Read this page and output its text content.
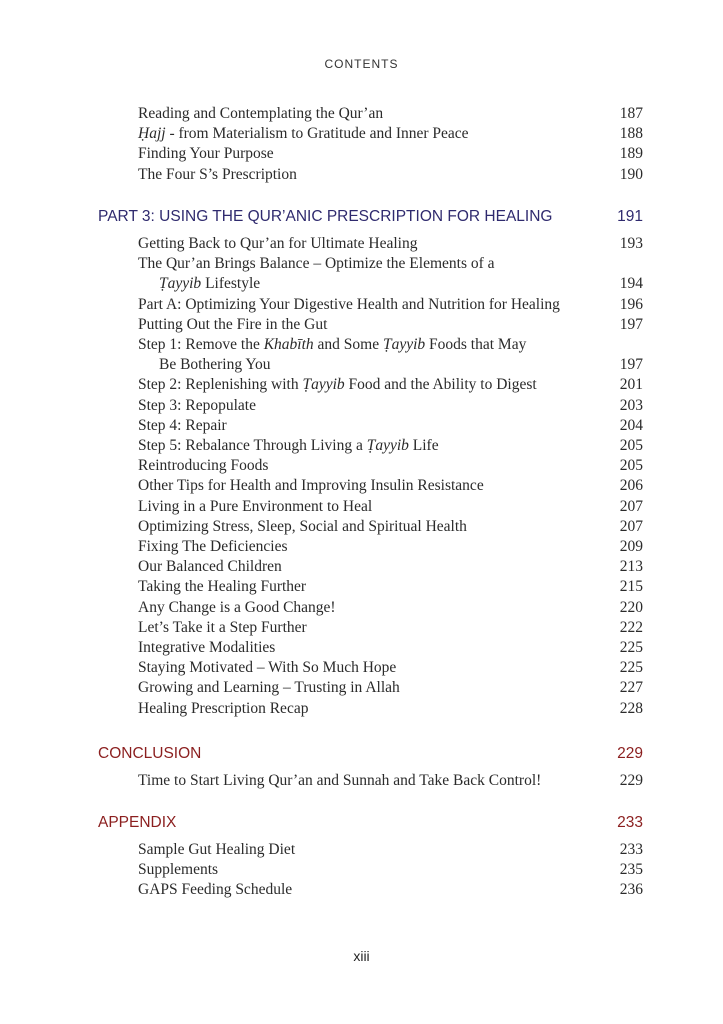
CONTENTS
Reading and Contemplating the Qur’an	187
Ḥajj - from Materialism to Gratitude and Inner Peace	188
Finding Your Purpose	189
The Four S’s Prescription	190
PART 3: USING THE QUR’ANIC PRESCRIPTION FOR HEALING	191
Getting Back to Qur’an for Ultimate Healing	193
The Qur’an Brings Balance – Optimize the Elements of a
Ṭayyib Lifestyle	194
Part A: Optimizing Your Digestive Health and Nutrition for Healing	196
Putting Out the Fire in the Gut	197
Step 1: Remove the Khabīth and Some Ṭayyib Foods that May
Be Bothering You	197
Step 2: Replenishing with Ṭayyib Food and the Ability to Digest	201
Step 3: Repopulate	203
Step 4: Repair	204
Step 5: Rebalance Through Living a Ṭayyib Life	205
Reintroducing Foods	205
Other Tips for Health and Improving Insulin Resistance	206
Living in a Pure Environment to Heal	207
Optimizing Stress, Sleep, Social and Spiritual Health	207
Fixing The Deficiencies	209
Our Balanced Children	213
Taking the Healing Further	215
Any Change is a Good Change!	220
Let’s Take it a Step Further	222
Integrative Modalities	225
Staying Motivated – With So Much Hope	225
Growing and Learning – Trusting in Allah	227
Healing Prescription Recap	228
CONCLUSION	229
Time to Start Living Qur’an and Sunnah and Take Back Control!	229
APPENDIX	233
Sample Gut Healing Diet	233
Supplements	235
GAPS Feeding Schedule	236
xiii
